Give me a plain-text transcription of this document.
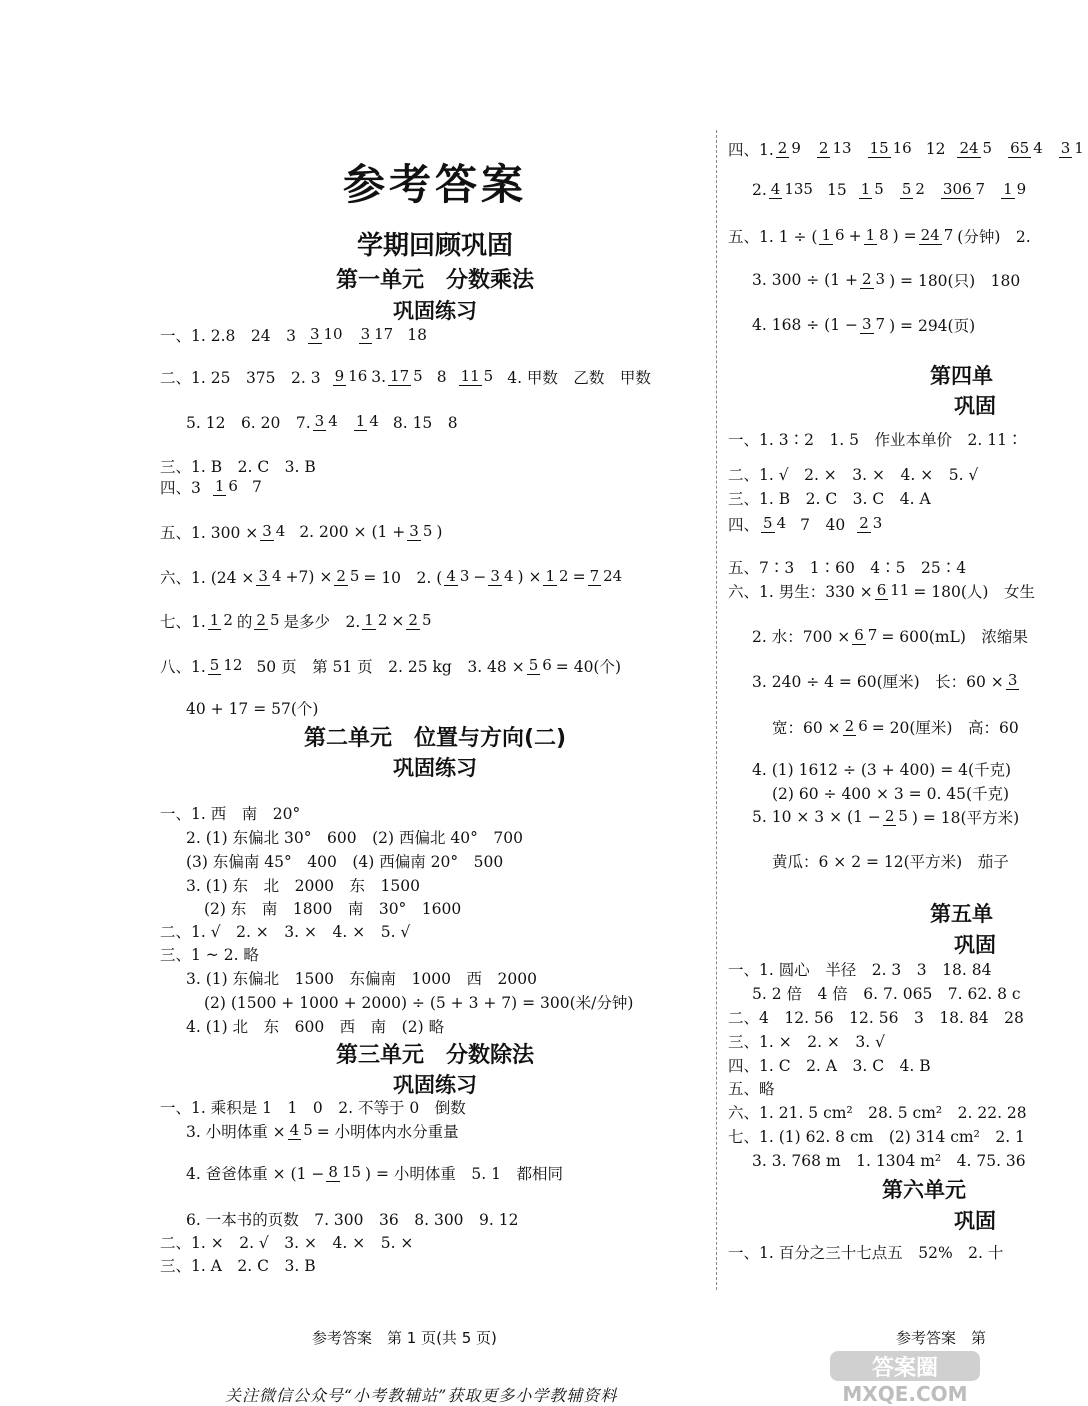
参考答案
学期回顾巩固
第一单元　分数乘法
巩固练习
一、1. 2.8　24　3 3 10 3 17 18
二、1. 25　375　2. 3 9 16 3. 17 5 8 11 5 4. 甲数　乙数　甲数
5. 12　6. 20　7. 3 4 1 4 8. 15　8
三、1. B　2. C　3. B
四、3 1 6 7
五、1. 300 × 3 4 2. 200 × (1 + 3 5 )
六、1. (24 × 3 4 +7) × 2 5 = 10　2. ( 4 3 − 3 4 ) × 1 2 = 7 24
七、1. 1 2 的 2 5 是多少　2. 1 2 × 2 5
八、1. 5 12 50 页　第 51 页　2. 25 kg　3. 48 × 5 6 = 40(个)
40 + 17 = 57(个)
第二单元　位置与方向(二)
巩固练习
一、1. 西　南　20°
2. (1) 东偏北 30°　600　(2) 西偏北 40°　700
(3) 东偏南 45°　400　(4) 西偏南 20°　500
3. (1) 东　北　2000　东　1500
(2) 东　南　1800　南　30°　1600
二、1. √　2. ×　3. ×　4. ×　5. √
三、1 ~ 2. 略
3. (1) 东偏北　1500　东偏南　1000　西　2000
(2) (1500 + 1000 + 2000) ÷ (5 + 3 + 7) = 300(米/分钟)
4. (1) 北　东　600　西　南　(2) 略
第三单元　分数除法
巩固练习
一、1. 乘积是 1　1　0　2. 不等于 0　倒数
3. 小明体重 × 4 5 = 小明体内水分重量
4. 爸爸体重 × (1 − 8 15 ) = 小明体重　5. 1　都相同
6. 一本书的页数　7. 300　36　8. 300　9. 12
二、1. ×　2. √　3. ×　4. ×　5. ×
三、1. A　2. C　3. B
参考答案　第 1 页(共 5 页)
四、1. 2 9 2 13 15 16 12 24 5 65 4 3 1
2. 4 135 15 1 5 5 2 306 7 1 9
五、1. 1 ÷ ( 1 6 + 1 8 ) = 24 7 (分钟)　2.
3. 300 ÷ (1 + 2 3 ) = 180(只)　180
4. 168 ÷ (1 − 3 7 ) = 294(页)
第四单
巩固
一、1. 3∶2　1. 5　作业本单价　2. 11∶
二、1. √　2. ×　3. ×　4. ×　5. √
三、1. B　2. C　3. C　4. A
四、 5 4 7　40 2 3
五、7∶3　1∶60　4∶5　25∶4
六、1. 男生：330 × 6 11 = 180(人)　女生
2. 水：700 × 6 7 = 600(mL)　浓缩果
3. 240 ÷ 4 = 60(厘米)　长：60 × 3
宽：60 × 2 6 = 20(厘米)　高：60
4. (1) 1612 ÷ (3 + 400) = 4(千克)
(2) 60 ÷ 400 × 3 = 0. 45(千克)
5. 10 × 3 × (1 − 2 5 ) = 18(平方米)
黄瓜：6 × 2 = 12(平方米)　茄子
第五单
巩固
一、1. 圆心　半径　2. 3　3　18. 84
5. 2 倍　4 倍　6. 7. 065　7. 62. 8 c
二、4　12. 56　12. 56　3　18. 84　28
三、1. ×　2. ×　3. √
四、1. C　2. A　3. C　4. B
五、略
六、1. 21. 5 cm²　28. 5 cm²　2. 22. 28
七、1. (1) 62. 8 cm　(2) 314 cm²　2. 1
3. 3. 768 m　1. 1304 m²　4. 75. 36
第六单元
巩固
一、1. 百分之三十七点五　52%　2. 十
参考答案　第
关注微信公众号“小考教辅站”获取更多小学教辅资料
答案圈
MXQE.COM
